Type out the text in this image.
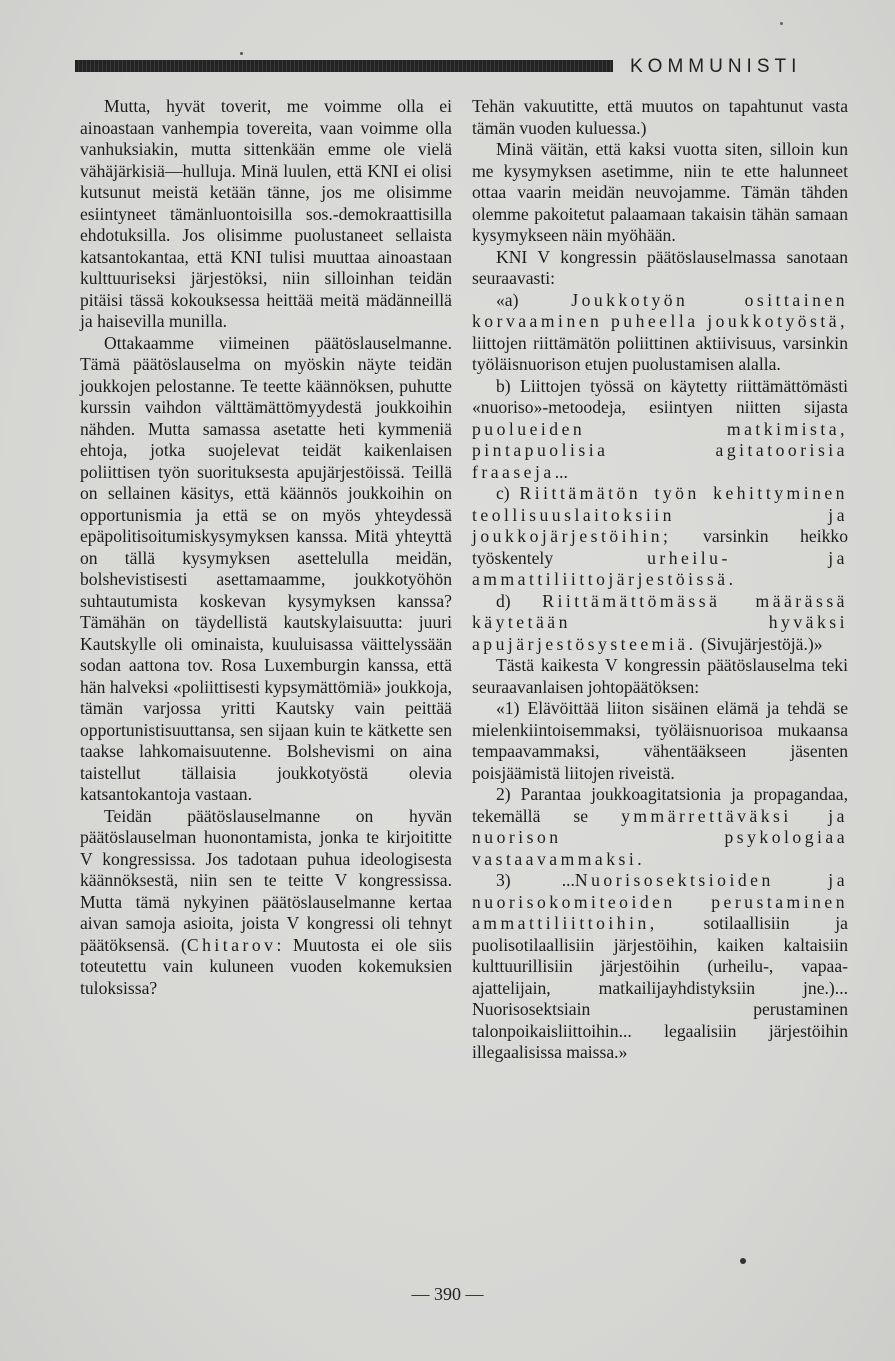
KOMMUNISTI

Mutta, hyvät toverit, me voimme olla ei ainoastaan vanhempia tovereita, vaan voimme olla vanhuksiakin, mutta sittenkään emme ole vielä vähäjärkisiä—hulluja. Minä luulen, että KNI ei olisi kutsunut meistä ketään tänne, jos me olisimme esiintyneet tämänluontoisilla sos.-demokraattisilla ehdotuksilla. Jos olisimme puolustaneet sellaista katsantokantaa, että KNI tulisi muuttaa ainoastaan kulttuuriseksi järjestöksi, niin silloinhan teidän pitäisi tässä kokouksessa heittää meitä mädänneillä ja haisevilla munilla.

Ottakaamme viimeinen päätöslauselmanne. Tämä päätöslauselma on myöskin näyte teidän joukkojen pelostanne. Te teette käännöksen, puhutte kurssin vaihdon välttämättömyydestä joukkoihin nähden. Mutta samassa asetatte heti kymmeniä ehtoja, jotka suojelevat teidät kaikenlaisen poliittisen työn suorituksesta apujärjestöissä. Teillä on sellainen käsitys, että käännös joukkoihin on opportunismia ja että se on myös yhteydessä epäpolitisoitumiskysymyksen kanssa. Mitä yhteyttä on tällä kysymyksen asettelulla meidän, bolshevistisesti asettamaamme, joukkotyöhön suhtautumista koskevan kysymyksen kanssa? Tämähän on täydellistä kautskylaisuutta: juuri Kautskylle oli ominaista, kuuluisassa väittelyssään sodan aattona tov. Rosa Luxemburgin kanssa, että hän halveksi «poliittisesti kypsymättömiä» joukkoja, tämän varjossa yritti Kautsky vain peittää opportunistisuuttansa, sen sijaan kuin te kätkette sen taakse lahkomaisuutenne. Bolshevismi on aina taistellut tällaisia joukkotyöstä olevia katsantokantoja vastaan.

Teidän päätöslauselmanne on hyvän päätöslauselman huonontamista, jonka te kirjoititte V kongressissa. Jos tadotaan puhua ideologisesta käännöksestä, niin sen te teitte V kongressissa. Mutta tämä nykyinen päätöslauselmanne kertaa aivan samoja asioita, joista V kongressi oli tehnyt päätöksensä. (Chitarov: Muutosta ei ole siis toteutettu vain kuluneen vuoden kokemuksien tuloksissa?

Tehän vakuutitte, että muutos on tapahtunut vasta tämän vuoden kuluessa.)

Minä väitän, että kaksi vuotta siten, silloin kun me kysymyksen asetimme, niin te ette halunneet ottaa vaarin meidän neuvojamme. Tämän tähden olemme pakoitetut palaamaan takaisin tähän samaan kysymykseen näin myöhään.

KNI V kongressin päätöslauselmassa sanotaan seuraavasti:

«a) Joukkotyön osittainen korvaaminen puheella joukkotyöstä, liittojen riittämätön poliittinen aktiivisuus, varsinkin työläisnuorison etujen puolustamisen alalla.

b) Liittojen työssä on käytetty riittämättömästi «nuoriso»-metoodeja, esiintyen niitten sijasta puolueiden matkimista, pintapuolisia agitatoorisia fraaseja...

c) Riittämätön työn kehittyminen teollisuuslaitoksiin ja joukkojärjestöihin; varsinkin heikko työskentely urheilu- ja ammattiliittojärjestöissä.

d) Riittämättömässä määrässä käytetään hyväksi apujärjestösysteemiä. (Sivujärjestöjä.)»

Tästä kaikesta V kongressin päätöslauselma teki seuraavanlaisen johtopäätöksen:

«1) Elävöittää liiton sisäinen elämä ja tehdä se mielenkiintoisemmaksi, työläisnuorisoa mukaansa tempaavammaksi, vähentääkseen jäsenten poisjäämistä liitojen riveistä.

2) Parantaa joukkoagitatsionia ja propagandaa, tekemällä se ymmärrettäväksi ja nuorison psykologiaa vastaavammaksi.

3) ...Nuorisosektsioiden ja nuorisokomiteoiden perustaminen ammattiliittoihin, sotilaallisiin ja puolisotilaallisiin järjestöihin, kaiken kaltaisiin kulttuurillisiin järjestöihin (urheilu-, vapaa-ajattelijain, matkailijayhdistyksiin jne.)... Nuorisosektsiain perustaminen talonpoikaisliittoihin... legaalisiin järjestöihin illegaalisissa maissa.»

— 390 —
